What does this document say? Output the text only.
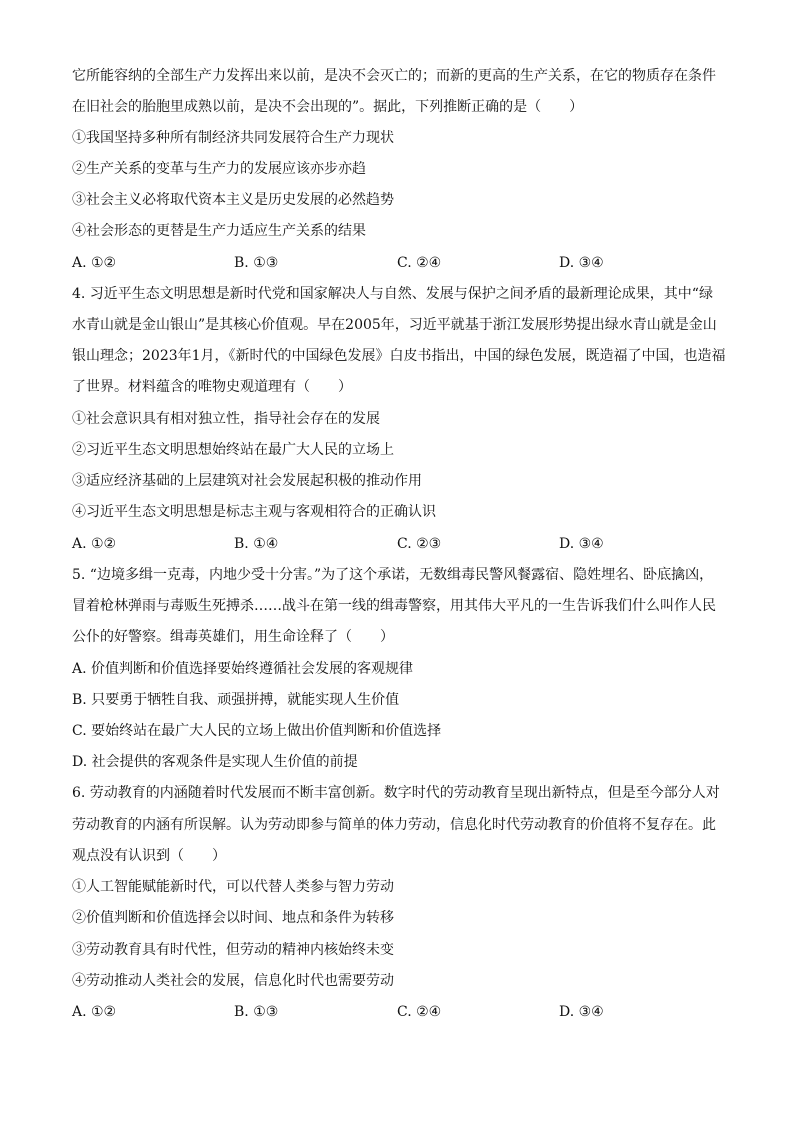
它所能容纳的全部生产力发挥出来以前，是决不会灭亡的；而新的更高的生产关系，在它的物质存在条件
在旧社会的胎胞里成熟以前，是决不会出现的”。据此，下列推断正确的是（　　）
①我国坚持多种所有制经济共同发展符合生产力现状
②生产关系的变革与生产力的发展应该亦步亦趋
③社会主义必将取代资本主义是历史发展的必然趋势
④社会形态的更替是生产力适应生产关系的结果
A. ①②	B. ①③	C. ②④	D. ③④
4. 习近平生态文明思想是新时代党和国家解决人与自然、发展与保护之间矛盾的最新理论成果，其中“绿
水青山就是金山银山”是其核心价值观。早在2005年，习近平就基于浙江发展形势提出绿水青山就是金山
银山理念；2023年1月，《新时代的中国绿色发展》白皮书指出，中国的绿色发展，既造福了中国，也造福
了世界。材料蕴含的唯物史观道理有（　　）
①社会意识具有相对独立性，指导社会存在的发展
②习近平生态文明思想始终站在最广大人民的立场上
③适应经济基础的上层建筑对社会发展起积极的推动作用
④习近平生态文明思想是标志主观与客观相符合的正确认识
A. ①②	B. ①④	C. ②③	D. ③④
5. “边境多缉一克毒，内地少受十分害。”为了这个承诺，无数缉毒民警风餐露宿、隐姓埋名、卧底擒凶，
冒着枪林弹雨与毒贩生死搏杀……战斗在第一线的缉毒警察，用其伟大平凡的一生告诉我们什么叫作人民
公仆的好警察。缉毒英雄们，用生命诠释了（　　）
A. 价值判断和价值选择要始终遵循社会发展的客观规律
B. 只要勇于牺牲自我、顽强拼搏，就能实现人生价值
C. 要始终站在最广大人民的立场上做出价值判断和价值选择
D. 社会提供的客观条件是实现人生价值的前提
6. 劳动教育的内涵随着时代发展而不断丰富创新。数字时代的劳动教育呈现出新特点，但是至今部分人对
劳动教育的内涵有所误解。认为劳动即参与简单的体力劳动，信息化时代劳动教育的价值将不复存在。此
观点没有认识到（　　）
①人工智能赋能新时代，可以代替人类参与智力劳动
②价值判断和价值选择会以时间、地点和条件为转移
③劳动教育具有时代性，但劳动的精神内核始终未变
④劳动推动人类社会的发展，信息化时代也需要劳动
A. ①②	B. ①③	C. ②④	D. ③④
